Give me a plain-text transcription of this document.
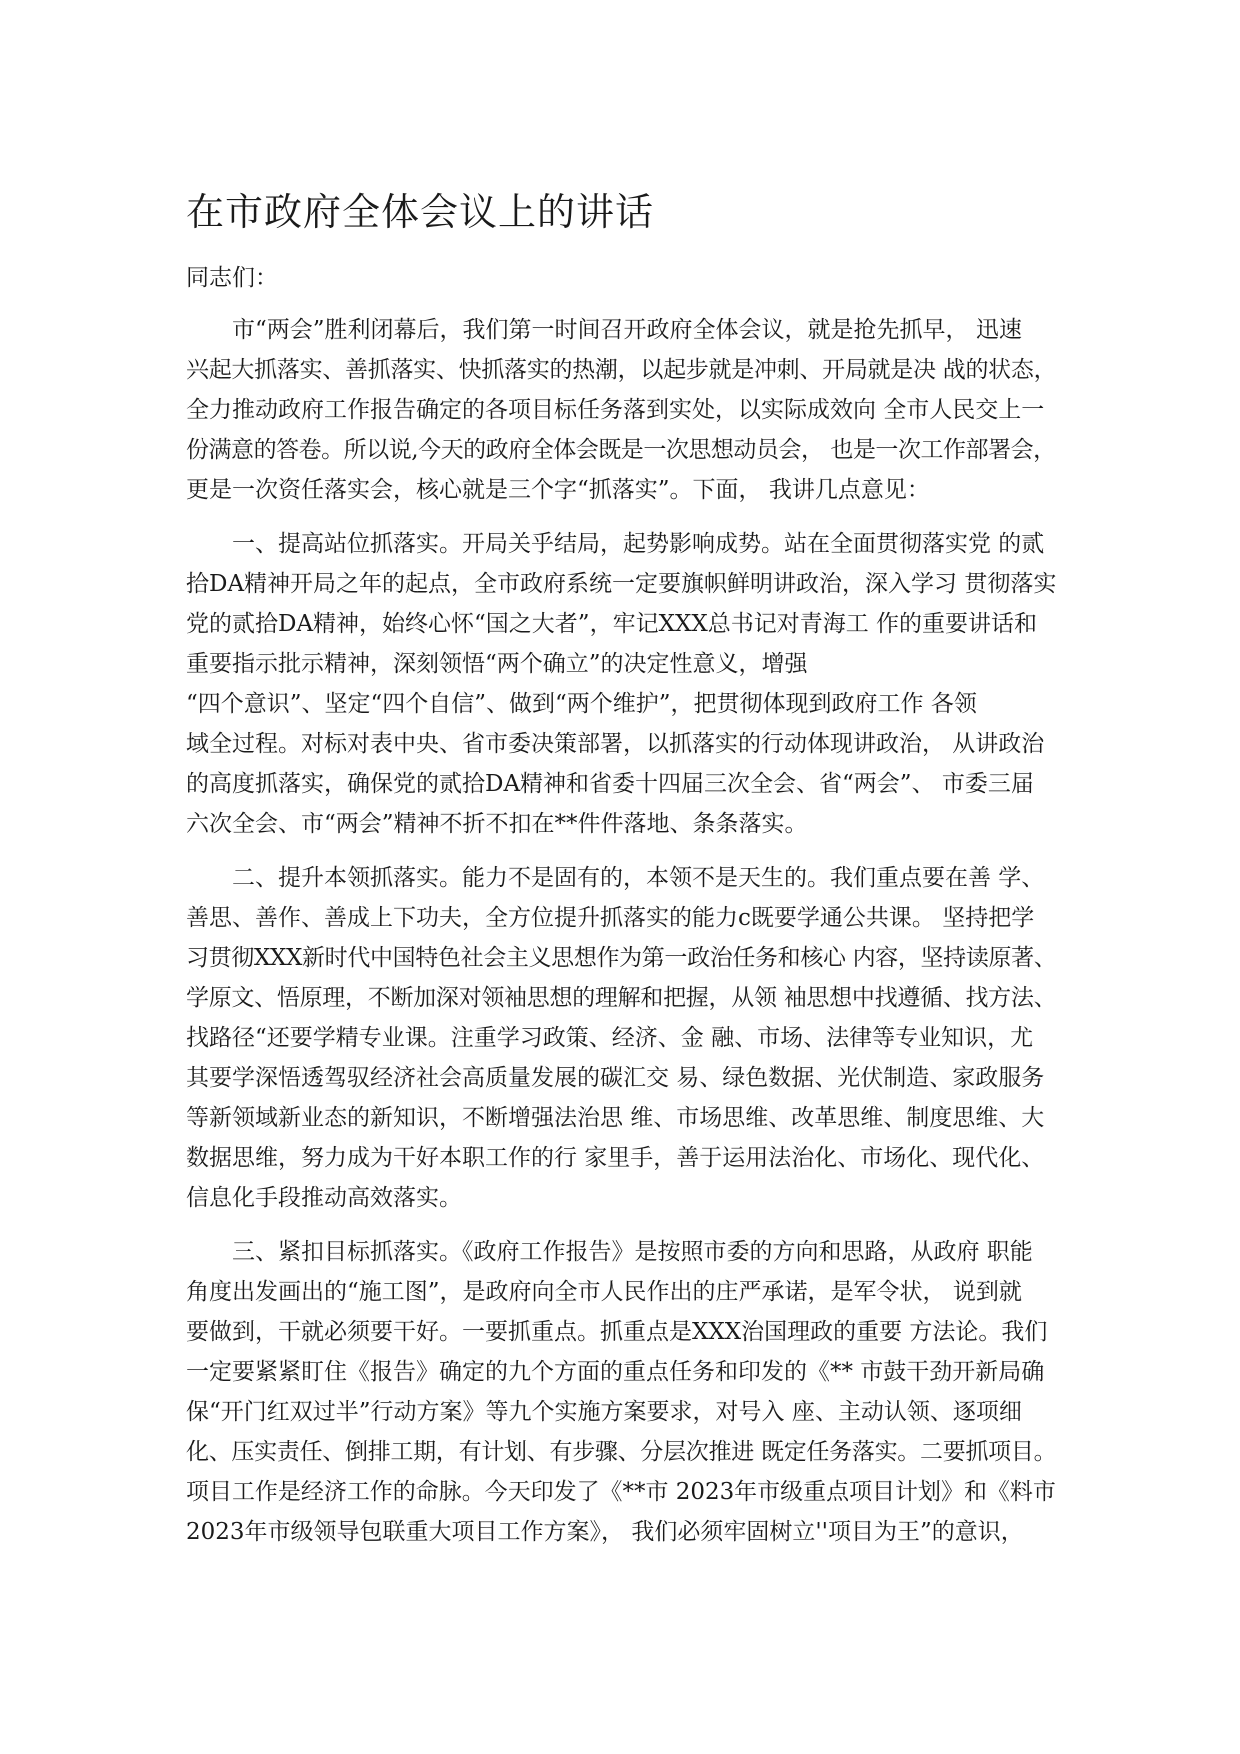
在市政府全体会议上的讲话
同志们：
市“两会”胜利闭幕后，我们第一时间召开政府全体会议，就是抢先抓早， 迅速
兴起大抓落实、善抓落实、快抓落实的热潮，以起步就是冲刺、开局就是决 战的状态，
全力推动政府工作报告确定的各项目标任务落到实处，以实际成效向 全市人民交上一
份满意的答卷。所以说,今天的政府全体会既是一次思想动员会， 也是一次工作部署会，
更是一次资任落实会，核心就是三个字“抓落实”。下面， 我讲几点意见：
一、提高站位抓落实。开局关乎结局，起势影响成势。站在全面贯彻落实党 的贰
拾DA精神开局之年的起点，全市政府系统一定要旗帜鲜明讲政治，深入学习 贯彻落实
党的贰拾DA精神，始终心怀“国之大者”，牢记XXX总书记对青海工 作的重要讲话和
重要指示批示精神，深刻领悟“两个确立”的决定性意义，增强
“四个意识”、坚定“四个自信”、做到“两个维护”，把贯彻体现到政府工作 各领
域全过程。对标对表中央、省市委决策部署，以抓落实的行动体现讲政治， 从讲政治
的高度抓落实，确保党的贰拾DA精神和省委十四届三次全会、省“两会”、 市委三届
六次全会、市“两会”精神不折不扣在**件件落地、条条落实。
二、提升本领抓落实。能力不是固有的，本领不是天生的。我们重点要在善 学、
善思、善作、善成上下功夫，全方位提升抓落实的能力c既要学通公共课。 坚持把学
习贯彻XXX新时代中国特色社会主义思想作为第一政治任务和核心 内容，坚持读原著、
学原文、悟原理，不断加深对领袖思想的理解和把握，从领 袖思想中找遵循、找方法、
找路径“还要学精专业课。注重学习政策、经济、金 融、市场、法律等专业知识，尤
其要学深悟透驾驭经济社会高质量发展的碳汇交 易、绿色数据、光伏制造、家政服务
等新领域新业态的新知识，不断增强法治思 维、市场思维、改革思维、制度思维、大
数据思维，努力成为干好本职工作的行 家里手，善于运用法治化、市场化、现代化、
信息化手段推动高效落实。
三、紧扣目标抓落实。《政府工作报告》是按照市委的方向和思路，从政府 职能
角度出发画出的“施工图”，是政府向全市人民作出的庄严承诺，是军令状， 说到就
要做到，干就必须要干好。一要抓重点。抓重点是XXX治国理政的重要 方法论。我们
一定要紧紧盯住《报告》确定的九个方面的重点任务和印发的《** 市鼓干劲开新局确
保“开门红双过半”行动方案》等九个实施方案要求，对号入 座、主动认领、逐项细
化、压实责任、倒排工期，有计划、有步骤、分层次推进 既定任务落实。二要抓项目。
项目工作是经济工作的命脉。今天印发了《**市 2023年市级重点项目计划》和《料市
2023年市级领导包联重大项目工作方案》， 我们必须牢固树立''项目为王”的意识，
